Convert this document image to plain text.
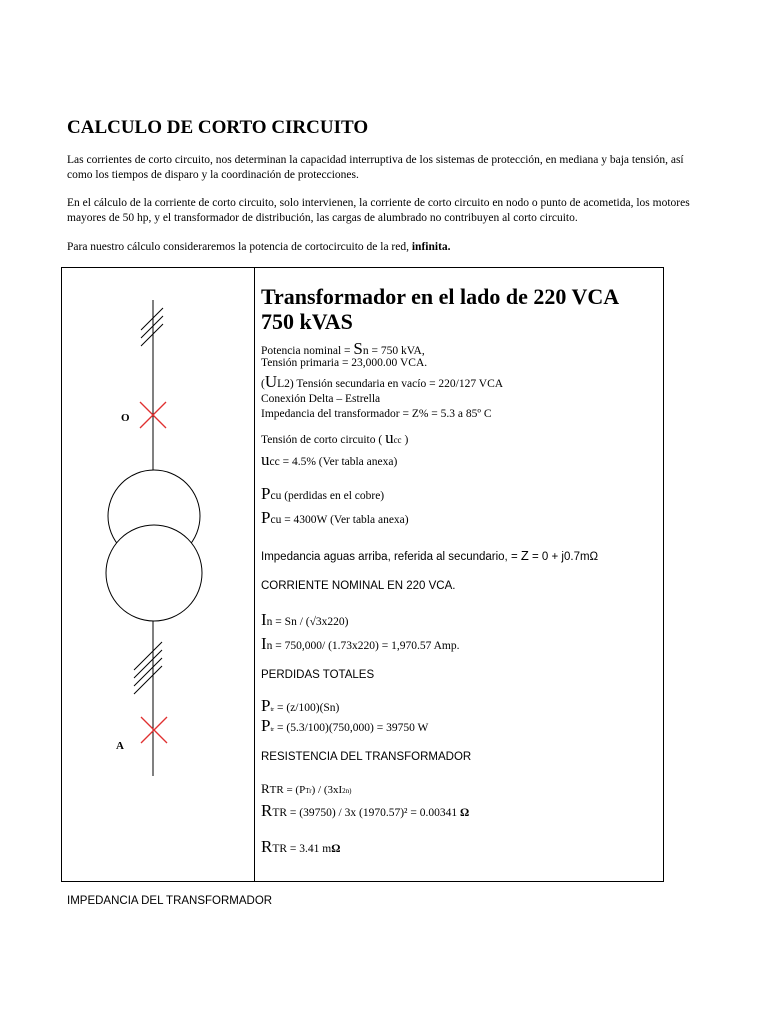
CALCULO DE CORTO CIRCUITO

Las corrientes de corto circuito, nos determinan la capacidad interruptiva de los sistemas de protección, en mediana y baja tensión, así como los tiempos de disparo y la coordinación de protecciones.

En el cálculo de la corriente de corto circuito, solo intervienen, la corriente de corto circuito en nodo o punto de acometida, los motores mayores de 50 hp, y el transformador de distribución, las cargas de alumbrado no contribuyen al corto circuito.

Para nuestro cálculo consideraremos la potencia de cortocircuito de la red, infinita.

O
A

Transformador en el lado de 220 VCA

750 kVAS

Potencia nominal = Sn = 750 kVA,

Tensión primaria = 23,000.00 VCA.

(UL2) Tensión secundaria en vacío = 220/127 VCA

Conexión Delta – Estrella

Impedancia del transformador = Z% = 5.3 a 85º C

Tensión de corto circuito ( ucc )

ucc = 4.5% (Ver tabla anexa)

Pcu (perdidas en el cobre)

Pcu = 4300W (Ver tabla anexa)

Impedancia aguas arriba, referida al secundario, = Z = 0 + j0.7mΩ

CORRIENTE NOMINAL EN 220 VCA.

In = Sn / (√3x220)

In = 750,000/ (1.73x220) = 1,970.57 Amp.

PERDIDAS TOTALES

Ptr = (z/100)(Sn)

Ptr = (5.3/100)(750,000) = 39750 W

RESISTENCIA DEL TRANSFORMADOR

RTR = (PTr) / (3xI2n)

RTR = (39750) / 3x (1970.57)² = 0.00341 Ω

RTR = 3.41 mΩ

IMPEDANCIA DEL TRANSFORMADOR
